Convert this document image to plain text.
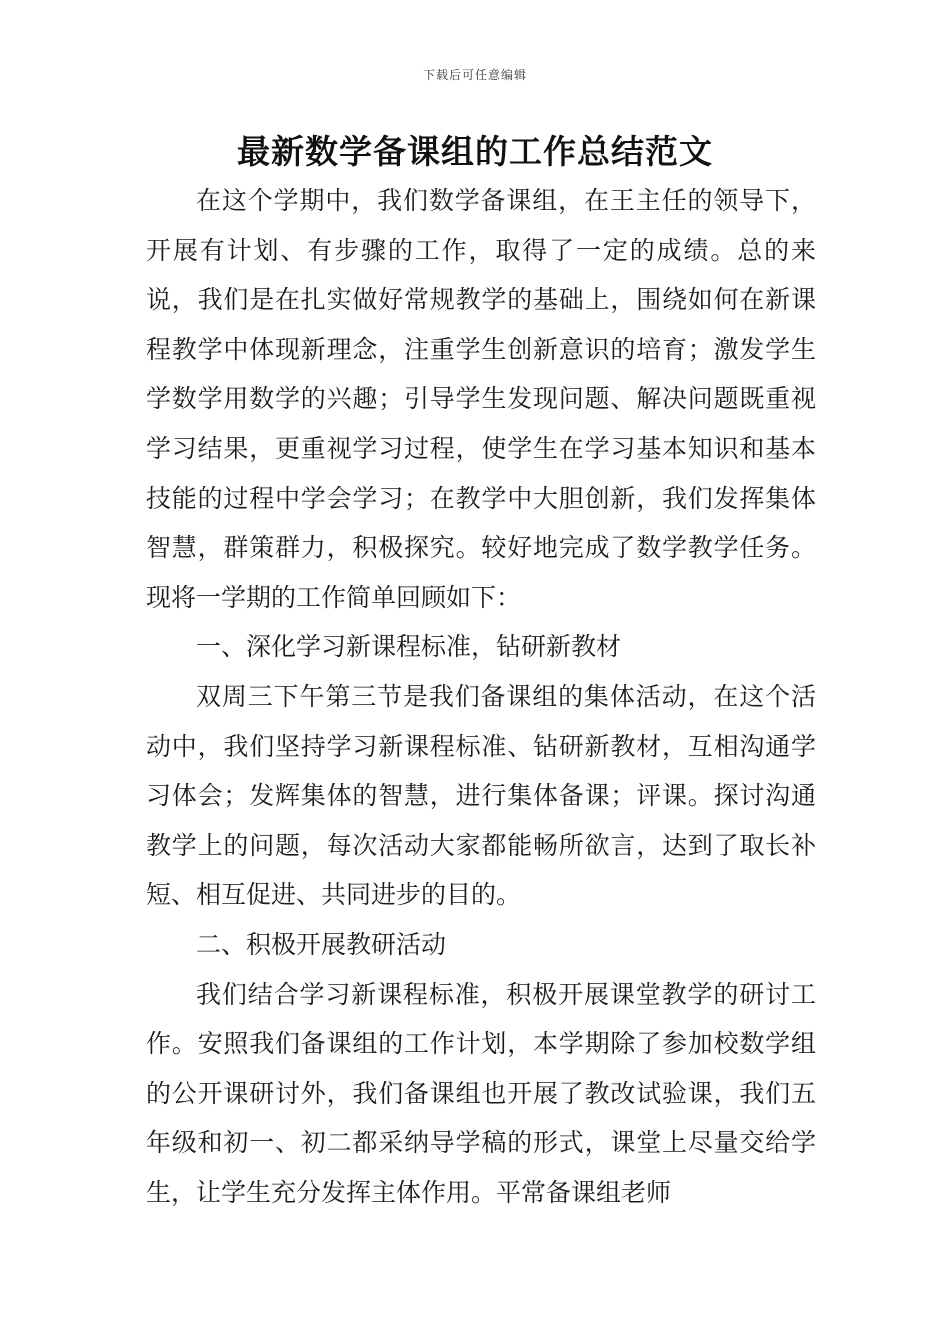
下载后可任意编辑
最新数学备课组的工作总结范文

在这个学期中，我们数学备课组，在王主任的领导下，开展有计划、有步骤的工作，取得了一定的成绩。总的来说，我们是在扎实做好常规教学的基础上，围绕如何在新课程教学中体现新理念，注重学生创新意识的培育；激发学生学数学用数学的兴趣；引导学生发现问题、解决问题既重视学习结果，更重视学习过程，使学生在学习基本知识和基本技能的过程中学会学习；在教学中大胆创新，我们发挥集体智慧，群策群力，积极探究。较好地完成了数学教学任务。现将一学期的工作简单回顾如下：

一、深化学习新课程标准，钻研新教材

双周三下午第三节是我们备课组的集体活动，在这个活动中，我们坚持学习新课程标准、钻研新教材，互相沟通学习体会；发辉集体的智慧，进行集体备课；评课。探讨沟通教学上的问题，每次活动大家都能畅所欲言，达到了取长补短、相互促进、共同进步的目的。

二、积极开展教研活动

我们结合学习新课程标准，积极开展课堂教学的研讨工作。安照我们备课组的工作计划，本学期除了参加校数学组的公开课研讨外，我们备课组也开展了教改试验课，我们五年级和初一、初二都采纳导学稿的形式，课堂上尽量交给学生，让学生充分发挥主体作用。平常备课组老师
